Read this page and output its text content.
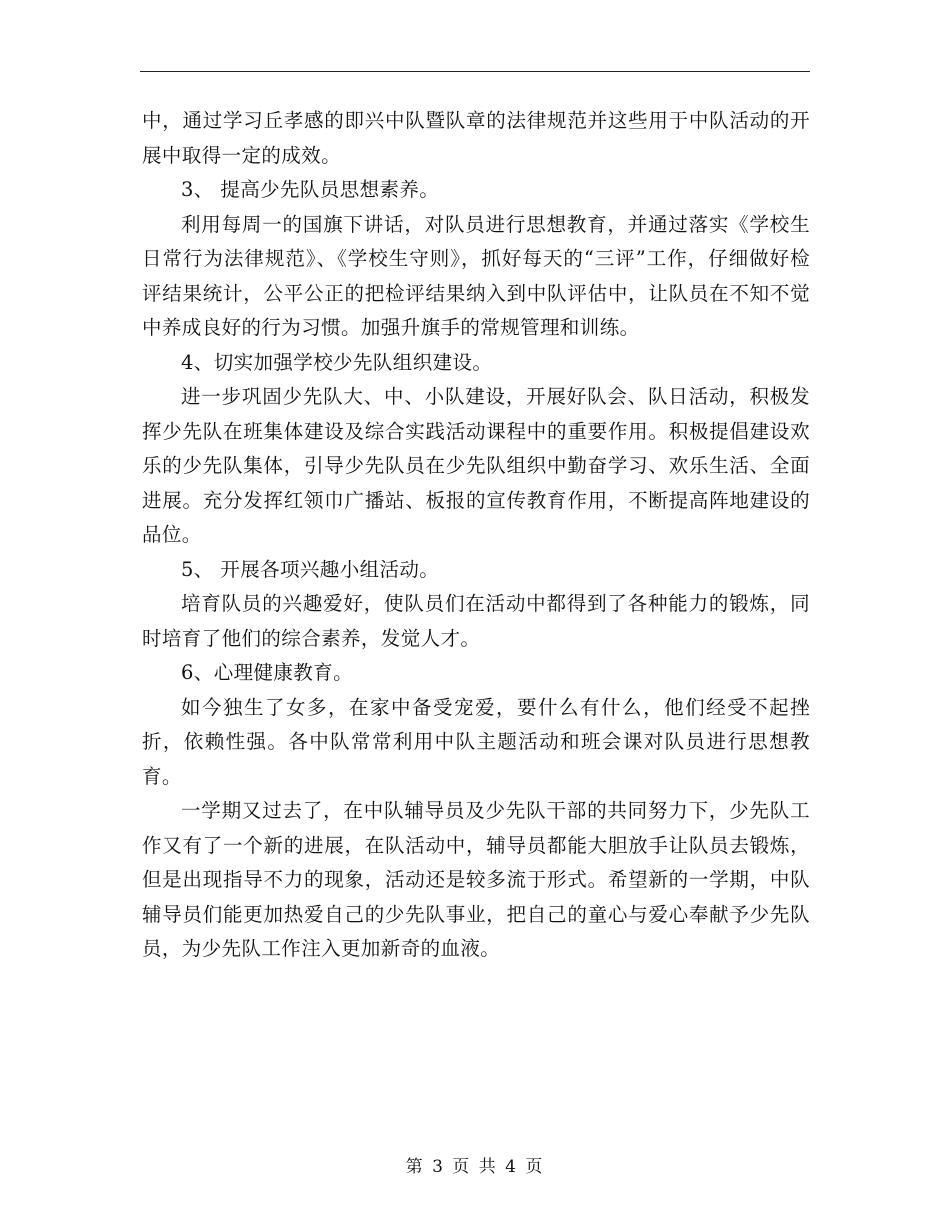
中，通过学习丘孝感的即兴中队暨队章的法律规范并这些用于中队活动的开展中取得一定的成效。

3、 提高少先队员思想素养。

利用每周一的国旗下讲话，对队员进行思想教育，并通过落实《学校生日常行为法律规范》、《学校生守则》，抓好每天的“三评”工作，仔细做好检评结果统计，公平公正的把检评结果纳入到中队评估中，让队员在不知不觉中养成良好的行为习惯。加强升旗手的常规管理和训练。

4、切实加强学校少先队组织建设。

进一步巩固少先队大、中、小队建设，开展好队会、队日活动，积极发挥少先队在班集体建设及综合实践活动课程中的重要作用。积极提倡建设欢乐的少先队集体，引导少先队员在少先队组织中勤奋学习、欢乐生活、全面进展。充分发挥红领巾广播站、板报的宣传教育作用，不断提高阵地建设的品位。

5、 开展各项兴趣小组活动。

培育队员的兴趣爱好，使队员们在活动中都得到了各种能力的锻炼，同时培育了他们的综合素养，发觉人才。

6、心理健康教育。

如今独生了女多，在家中备受宠爱，要什么有什么，他们经受不起挫折，依赖性强。各中队常常利用中队主题活动和班会课对队员进行思想教育。

一学期又过去了，在中队辅导员及少先队干部的共同努力下，少先队工作又有了一个新的进展，在队活动中，辅导员都能大胆放手让队员去锻炼，但是出现指导不力的现象，活动还是较多流于形式。希望新的一学期，中队辅导员们能更加热爱自己的少先队事业，把自己的童心与爱心奉献予少先队员，为少先队工作注入更加新奇的血液。

第 3 页 共 4 页
